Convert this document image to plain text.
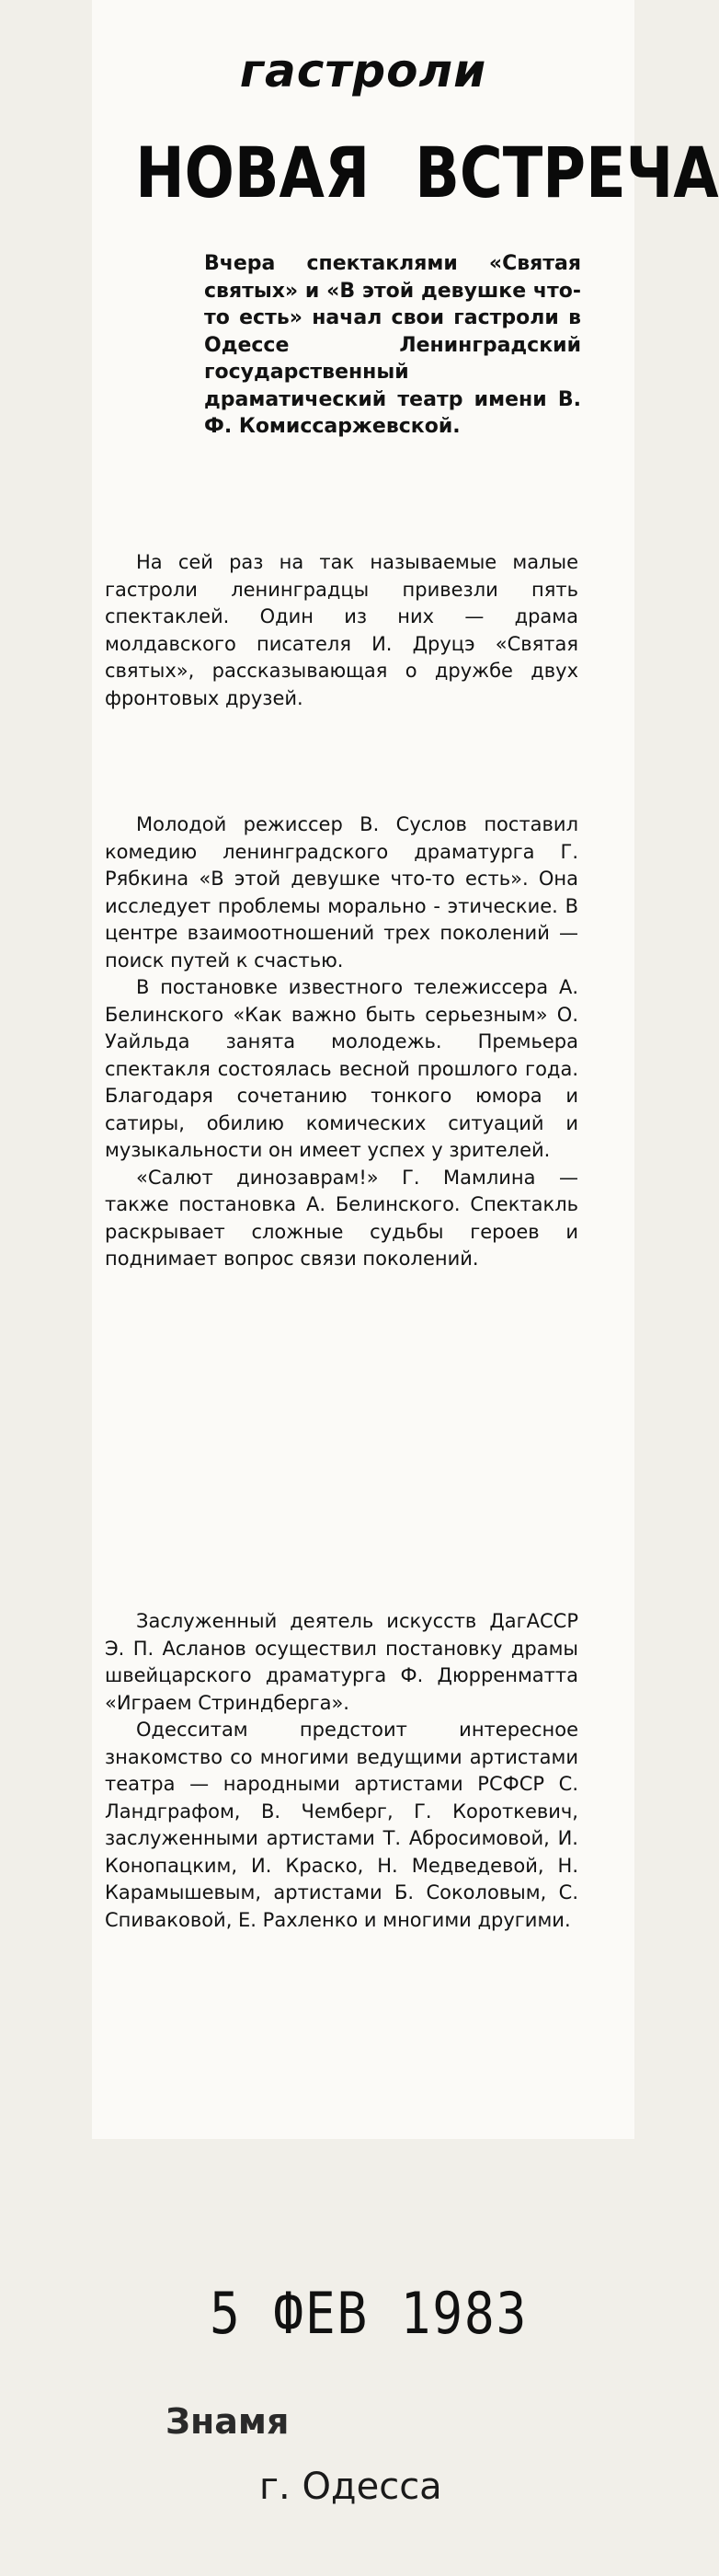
гастроли
НОВАЯ ВСТРЕЧА

Вчера спектаклями «Святая святых» и «В этой девушке что-то есть» начал свои гастроли в Одессе Ленинградский государственный драматический театр имени В. Ф. Комиссаржевской.

На сей раз на так называемые малые гастроли ленинградцы привезли пять спектаклей. Один из них — драма молдавского писателя И. Друцэ «Святая святых», рассказывающая о дружбе двух фронтовых друзей.

Молодой режиссер В. Суслов поставил комедию ленинградского драматурга Г. Рябкина «В этой девушке что-то есть». Она исследует проблемы морально - этические. В центре взаимоотношений трех поколений — поиск путей к счастью.

В постановке известного тележиссера А. Белинского «Как важно быть серьезным» О. Уайльда занята молодежь. Премьера спектакля состоялась весной прошлого года. Благодаря сочетанию тонкого юмора и сатиры, обилию комических ситуаций и музыкальности он имеет успех у зрителей.

«Салют динозаврам!» Г. Мамлина — также постановка А. Белинского. Спектакль раскрывает сложные судьбы героев и поднимает вопрос связи поколений.

Заслуженный деятель искусств ДагАССР Э. П. Асланов осуществил постановку драмы швейцарского драматурга Ф. Дюрренматта «Играем Стриндберга».

Одесситам предстоит интересное знакомство со многими ведущими артистами театра — народными артистами РСФСР С. Ландграфом, В. Чемберг, Г. Короткевич, заслуженными артистами Т. Абросимовой, И. Конопацким, И. Краско, Н. Медведевой, Н. Карамышевым, артистами Б. Соколовым, С. Спиваковой, Е. Рахленко и многими другими.

5 ФЕВ 1983
Знамя
г. Одесса
